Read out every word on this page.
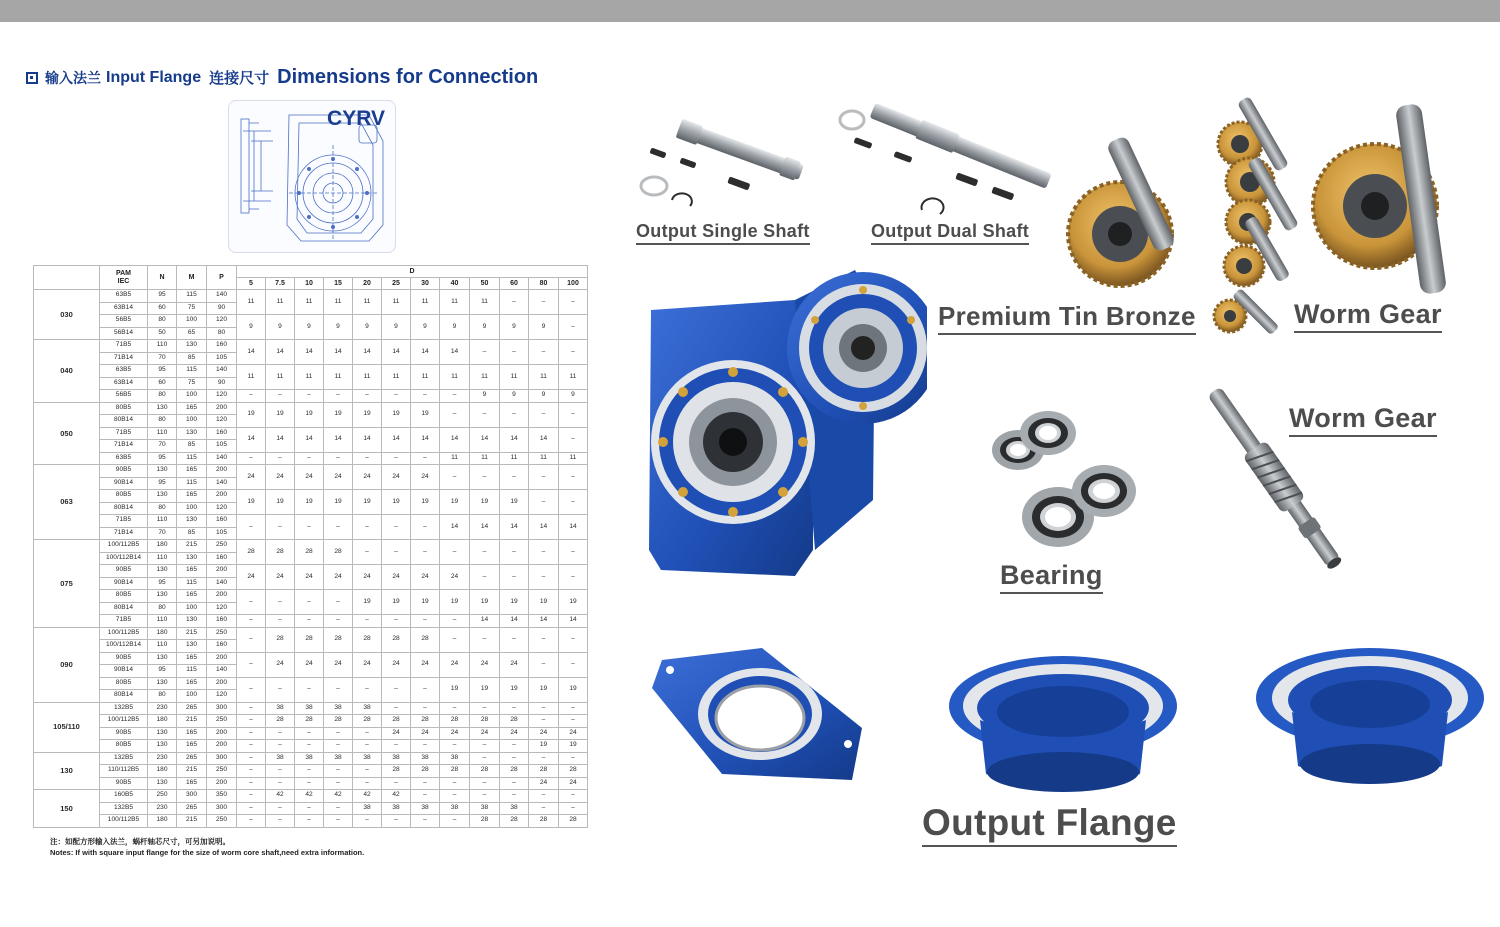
输入法兰 Input Flange 连接尺寸 Dimensions for Connection
CYRV
	PAM
IEC	N	M	P	D											
					5	7.5	10	15	20	25	30	40	50	60	80	100
030	63B5	95	115	140	11	11	11	11	11	11	11	11	11	–	–	–
	63B14	60	75	90												
	56B5	80	100	120	9	9	9	9	9	9	9	9	9	9	9	–
	56B14	50	65	80												
040	71B5	110	130	160	14	14	14	14	14	14	14	14	–	–	–	–
	71B14	70	85	105												
	63B5	95	115	140	11	11	11	11	11	11	11	11	11	11	11	11
	63B14	60	75	90												
	56B5	80	100	120	–	–	–	–	–	–	–	–	9	9	9	9
050	80B5	130	165	200	19	19	19	19	19	19	19	–	–	–	–	–
	80B14	80	100	120												
	71B5	110	130	160	14	14	14	14	14	14	14	14	14	14	14	–
	71B14	70	85	105												
	63B5	95	115	140	–	–	–	–	–	–	–	11	11	11	11	11
063	90B5	130	165	200	24	24	24	24	24	24	24	–	–	–	–	–
	90B14	95	115	140												
	80B5	130	165	200	19	19	19	19	19	19	19	19	19	19	–	–
	80B14	80	100	120												
	71B5	110	130	160	–	–	–	–	–	–	–	14	14	14	14	14
	71B14	70	85	105												
075	100/112B5	180	215	250	28	28	28	28	–	–	–	–	–	–	–	–
	100/112B14	110	130	160												
	90B5	130	165	200	24	24	24	24	24	24	24	24	–	–	–	–
	90B14	95	115	140												
	80B5	130	165	200	–	–	–	–	19	19	19	19	19	19	19	19
	80B14	80	100	120												
	71B5	110	130	160	–	–	–	–	–	–	–	–	14	14	14	14
090	100/112B5	180	215	250	–	28	28	28	28	28	28	–	–	–	–	–
	100/112B14	110	130	160												
	90B5	130	165	200	–	24	24	24	24	24	24	24	24	24	–	–
	90B14	95	115	140												
	80B5	130	165	200	–	–	–	–	–	–	–	19	19	19	19	19
	80B14	80	100	120												
105/110	132B5	230	265	300	–	38	38	38	38	–	–	–	–	–	–	–
	100/112B5	180	215	250	–	28	28	28	28	28	28	28	28	28	–	–
	90B5	130	165	200	–	–	–	–	–	24	24	24	24	24	24	24
	80B5	130	165	200	–	–	–	–	–	–	–	–	–	–	19	19
130	132B5	230	265	300	–	38	38	38	38	38	38	38	–	–	–	–
	110/112B5	180	215	250	–	–	–	–	–	28	28	28	28	28	28	28
	90B5	130	165	200	–	–	–	–	–	–	–	–	–	–	24	24
150	160B5	250	300	350	–	42	42	42	42	42	–	–	–	–	–	–
	132B5	230	265	300	–	–	–	–	38	38	38	38	38	38	–	–
	100/112B5	180	215	250	–	–	–	–	–	–	–	–	28	28	28	28
注：如配方形输入法兰，蜗杆轴芯尺寸，可另加说明。
Notes: If with square input flange for the size of worm core shaft,need extra information.
Output Single Shaft	Output Dual Shaft
Premium Tin Bronze	Worm Gear
Bearing
Worm Gear
Output Flange
